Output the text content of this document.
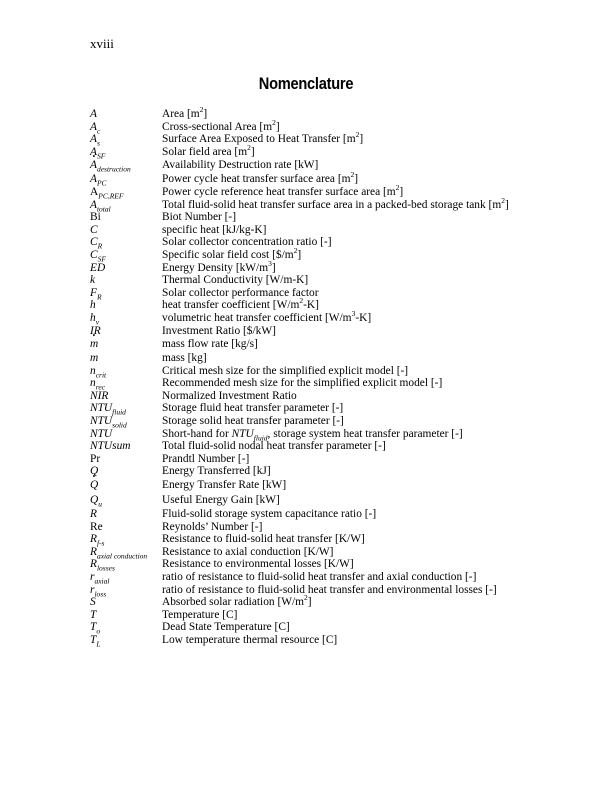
xviii
Nomenclature
A	Area $[m^2]$
$A_c$	Cross-sectional Area $[m^2]$
$A_s$	Surface Area Exposed to Heat Transfer $[m^2]$
$A_{SF}$	Solar field area $[m^2]$
· $A_{destruction}$	Availability Destruction rate [kW]
$A_{PC}$	Power cycle heat transfer surface area $[m^2]$
$A_{PC,REF}$	Power cycle reference heat transfer surface area $[m^2]$
$A_{total}$	Total fluid-solid heat transfer surface area in a packed-bed storage tank $[m^2]$
Bi	Biot Number [-]
C	specific heat [kJ/kg-K]
$C_R$	Solar collector concentration ratio [-]
$C_{SF}$	Specific solar field cost $[\$/m^2]$
ED	Energy Density $[kW/m^3]$
k	Thermal Conductivity [W/m-K]
$F_R$	Solar collector performance factor
h	heat transfer coefficient $[W/m^2-K]$
$h_v$	volumetric heat transfer coefficient $[W/m^3-K]$
IR	Investment Ratio [$/kW]
· m	mass flow rate [kg/s]
m	mass [kg]
$n_{crit}$	Critical mesh size for the simplified explicit model [-]
$n_{rec}$	Recommended mesh size for the simplified explicit model [-]
NIR	Normalized Investment Ratio
$NTU_{fluid}$	Storage fluid heat transfer parameter [-]
$NTU_{solid}$	Storage solid heat transfer parameter [-]
NTU	Short-hand for $NTU_{fluid}$, storage system heat transfer parameter [-]
NTUsum	Total fluid-solid nodal heat transfer parameter [-]
Pr	Prandtl Number [-]
Q	Energy Transferred [kJ]
· Q	Energy Transfer Rate [kW]
$Q_u$	Useful Energy Gain [kW]
R	Fluid-solid storage system capacitance ratio [-]
Re	Reynolds’ Number [-]
$R_{f-s}$	Resistance to fluid-solid heat transfer [K/W]
$R_{axial conduction}$	Resistance to axial conduction [K/W]
$R_{losses}$	Resistance to environmental losses [K/W]
$r_{axial}$	ratio of resistance to fluid-solid heat transfer and axial conduction [-]
$r_{loss}$	ratio of resistance to fluid-solid heat transfer and environmental losses [-]
S	Absorbed solar radiation $[W/m^2]$
T	Temperature [C]
$T_o$	Dead State Temperature [C]
$T_L$	Low temperature thermal resource [C]
